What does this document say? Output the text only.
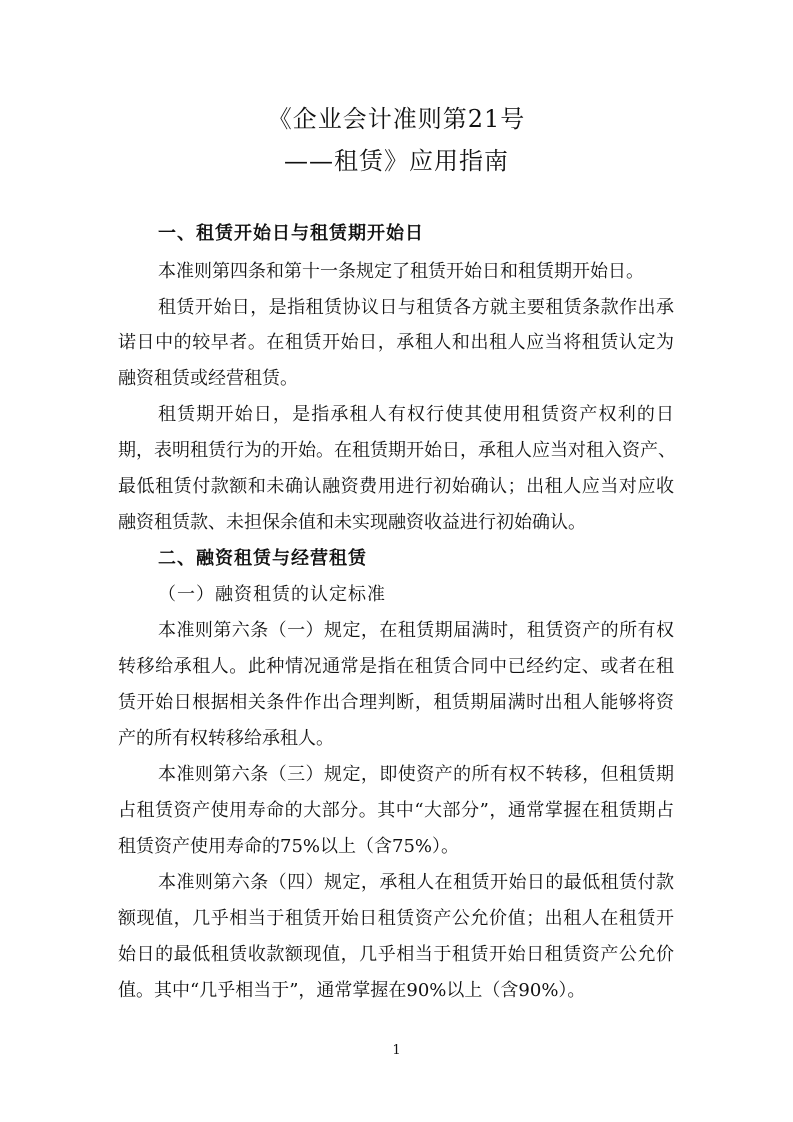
《企业会计准则第21号
——租赁》应用指南
一、租赁开始日与租赁期开始日
本准则第四条和第十一条规定了租赁开始日和租赁期开始日。
租赁开始日，是指租赁协议日与租赁各方就主要租赁条款作出承
诺日中的较早者。在租赁开始日，承租人和出租人应当将租赁认定为
融资租赁或经营租赁。
租赁期开始日，是指承租人有权行使其使用租赁资产权利的日
期，表明租赁行为的开始。在租赁期开始日，承租人应当对租入资产、
最低租赁付款额和未确认融资费用进行初始确认；出租人应当对应收
融资租赁款、未担保余值和未实现融资收益进行初始确认。
二、融资租赁与经营租赁
（一）融资租赁的认定标准
本准则第六条（一）规定，在租赁期届满时，租赁资产的所有权
转移给承租人。此种情况通常是指在租赁合同中已经约定、或者在租
赁开始日根据相关条件作出合理判断，租赁期届满时出租人能够将资
产的所有权转移给承租人。
本准则第六条（三）规定，即使资产的所有权不转移，但租赁期
占租赁资产使用寿命的大部分。其中“大部分”，通常掌握在租赁期占
租赁资产使用寿命的75%以上（含75%）。
本准则第六条（四）规定，承租人在租赁开始日的最低租赁付款
额现值，几乎相当于租赁开始日租赁资产公允价值；出租人在租赁开
始日的最低租赁收款额现值，几乎相当于租赁开始日租赁资产公允价
值。其中“几乎相当于”，通常掌握在90%以上（含90%）。
1
